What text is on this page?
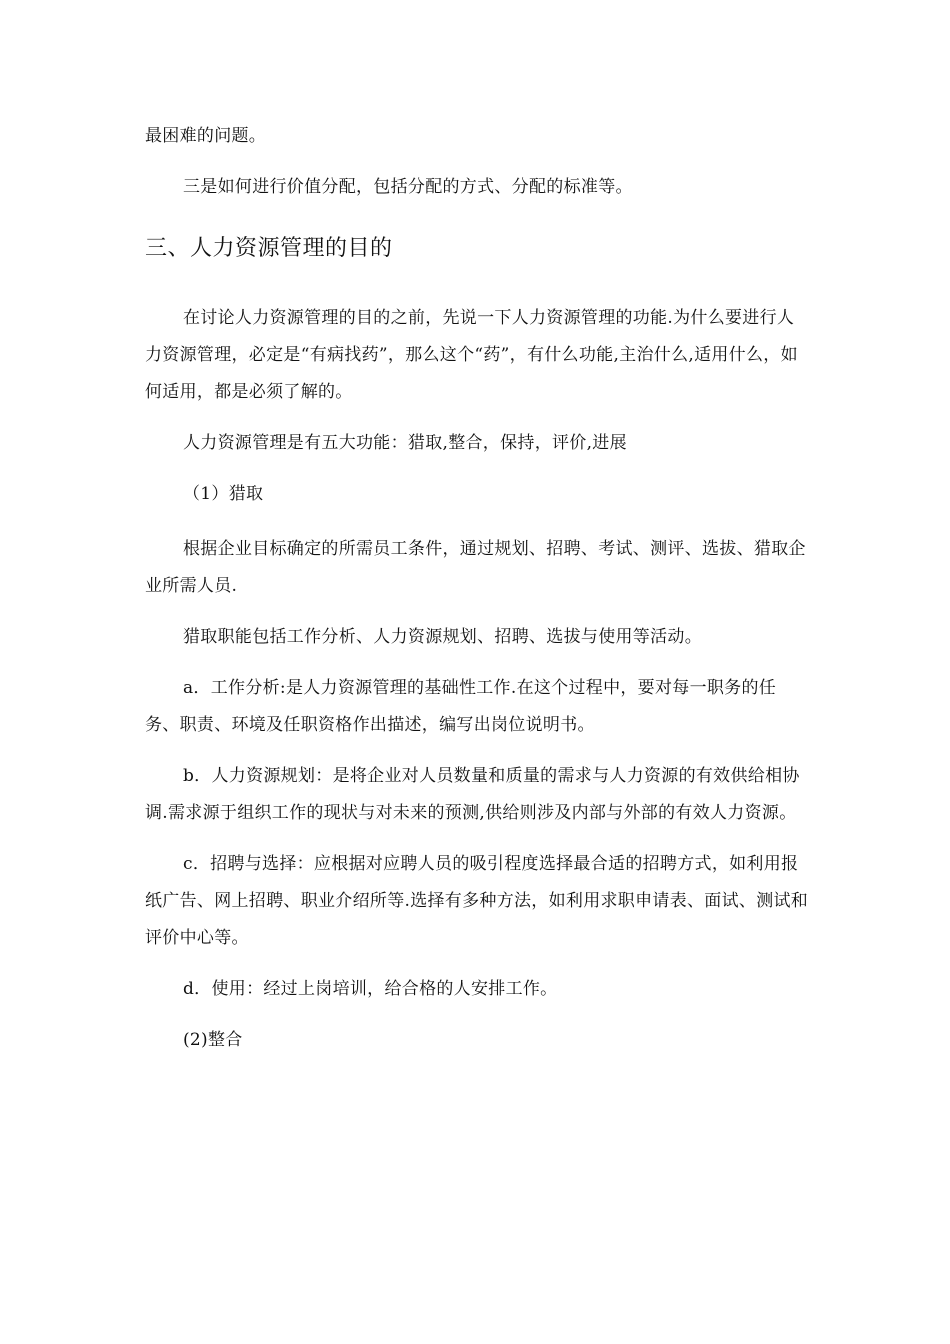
最困难的问题。

三是如何进行价值分配，包括分配的方式、分配的标准等。

三、人力资源管理的目的

在讨论人力资源管理的目的之前，先说一下人力资源管理的功能.为什么要进行人力资源管理，必定是“有病找药”，那么这个“药”，有什么功能,主治什么,适用什么，如何适用，都是必须了解的。

人力资源管理是有五大功能：猎取,整合，保持，评价,进展

（1）猎取

根据企业目标确定的所需员工条件，通过规划、招聘、考试、测评、选拔、猎取企业所需人员.

猎取职能包括工作分析、人力资源规划、招聘、选拔与使用等活动。

a．工作分析:是人力资源管理的基础性工作.在这个过程中，要对每一职务的任务、职责、环境及任职资格作出描述，编写出岗位说明书。

b．人力资源规划：是将企业对人员数量和质量的需求与人力资源的有效供给相协调.需求源于组织工作的现状与对未来的预测,供给则涉及内部与外部的有效人力资源。

c．招聘与选择：应根据对应聘人员的吸引程度选择最合适的招聘方式，如利用报纸广告、网上招聘、职业介绍所等.选择有多种方法，如利用求职申请表、面试、测试和评价中心等。

d．使用：经过上岗培训，给合格的人安排工作。

(2)整合
